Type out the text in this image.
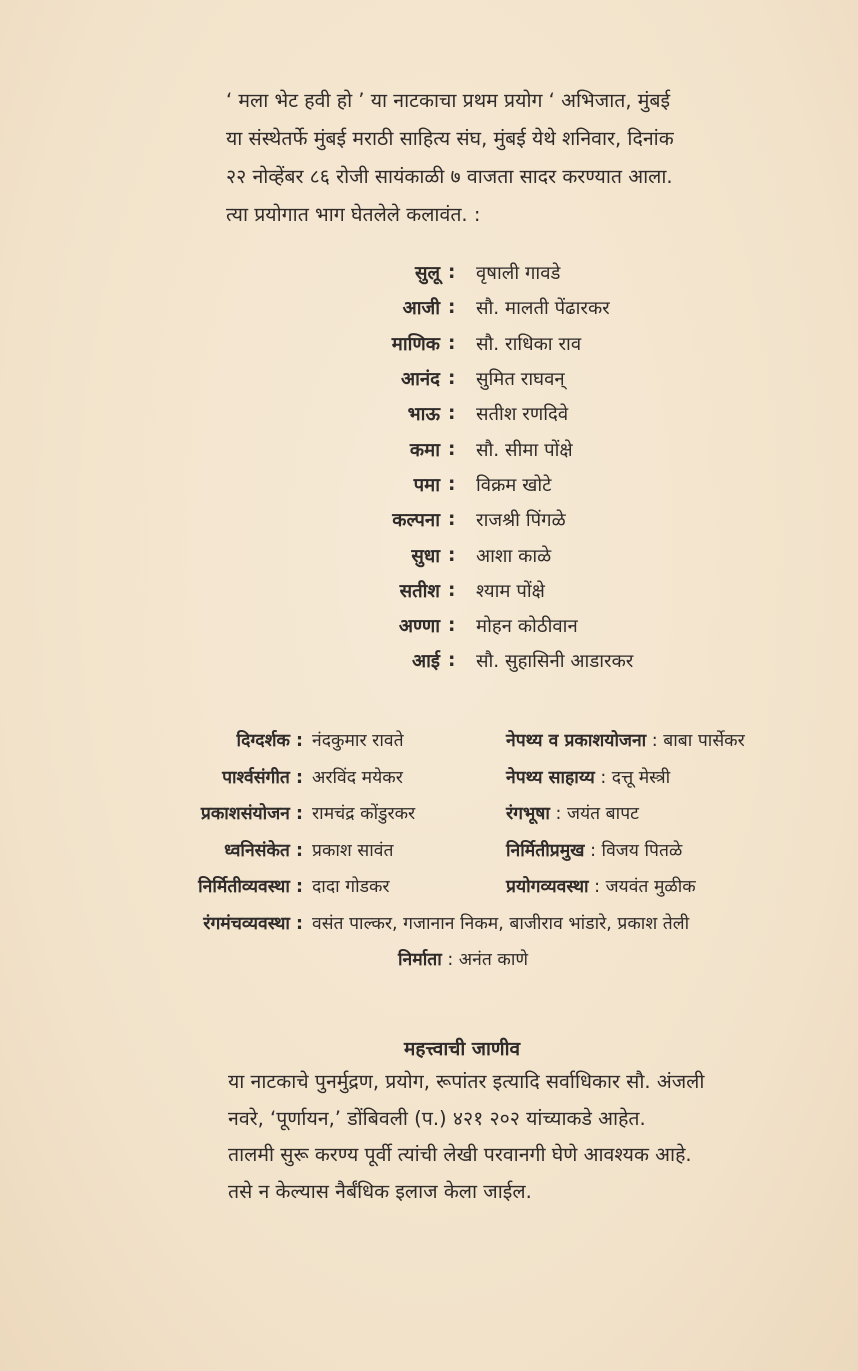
‘ मला भेट हवी हो ’ या नाटकाचा प्रथम प्रयोग ‘ अभिजात, मुंबई

या संस्थेतर्फे मुंबई मराठी साहित्य संघ, मुंबई येथे शनिवार, दिनांक

२२ नोव्हेंबर ८६ रोजी सायंकाळी ७ वाजता सादर करण्यात आला.

त्या प्रयोगात भाग घेतलेले कलावंत. :

सुलू :	वृषाली गावडे
आजी :	सौ. मालती पेंढारकर
माणिक :	सौ. राधिका राव
आनंद :	सुमित राघवन्
भाऊ :	सतीश रणदिवे
कमा :	सौ. सीमा पोंक्षे
पमा :	विक्रम खोटे
कल्पना :	राजश्री पिंगळे
सुधा :	आशा काळे
सतीश :	श्याम पोंक्षे
अण्णा :	मोहन कोठीवान
आई :	सौ. सुहासिनी आडारकर
दिग्दर्शक : नंदकुमार रावते	नेपथ्य व प्रकाशयोजना : बाबा पार्सेकर
पार्श्वसंगीत : अरविंद मयेकर	नेपथ्य साहाय्य : दत्तू मेस्त्री
प्रकाशसंयोजन : रामचंद्र कोंडुरकर	रंगभूषा : जयंत बापट
ध्वनिसंकेत : प्रकाश सावंत	निर्मितीप्रमुख : विजय पितळे
निर्मितीव्यवस्था : दादा गोडकर	प्रयोगव्यवस्था : जयवंत मुळीक
रंगमंचव्यवस्था : वसंत पाल्कर, गजानान निकम, बाजीराव भांडारे, प्रकाश तेली
निर्माता : अनंत काणे
महत्त्वाची जाणीव

या नाटकाचे पुनर्मुद्रण, प्रयोग, रूपांतर इत्यादि सर्वाधिकार सौ. अंजली

नवरे, ‘पूर्णायन,’ डोंबिवली (प.) ४२१ २०२ यांच्याकडे आहेत.

तालमी सुरू करण्य पूर्वी त्यांची लेखी परवानगी घेणे आवश्यक आहे.

तसे न केल्यास नैर्बंधिक इलाज केला जाईल.
